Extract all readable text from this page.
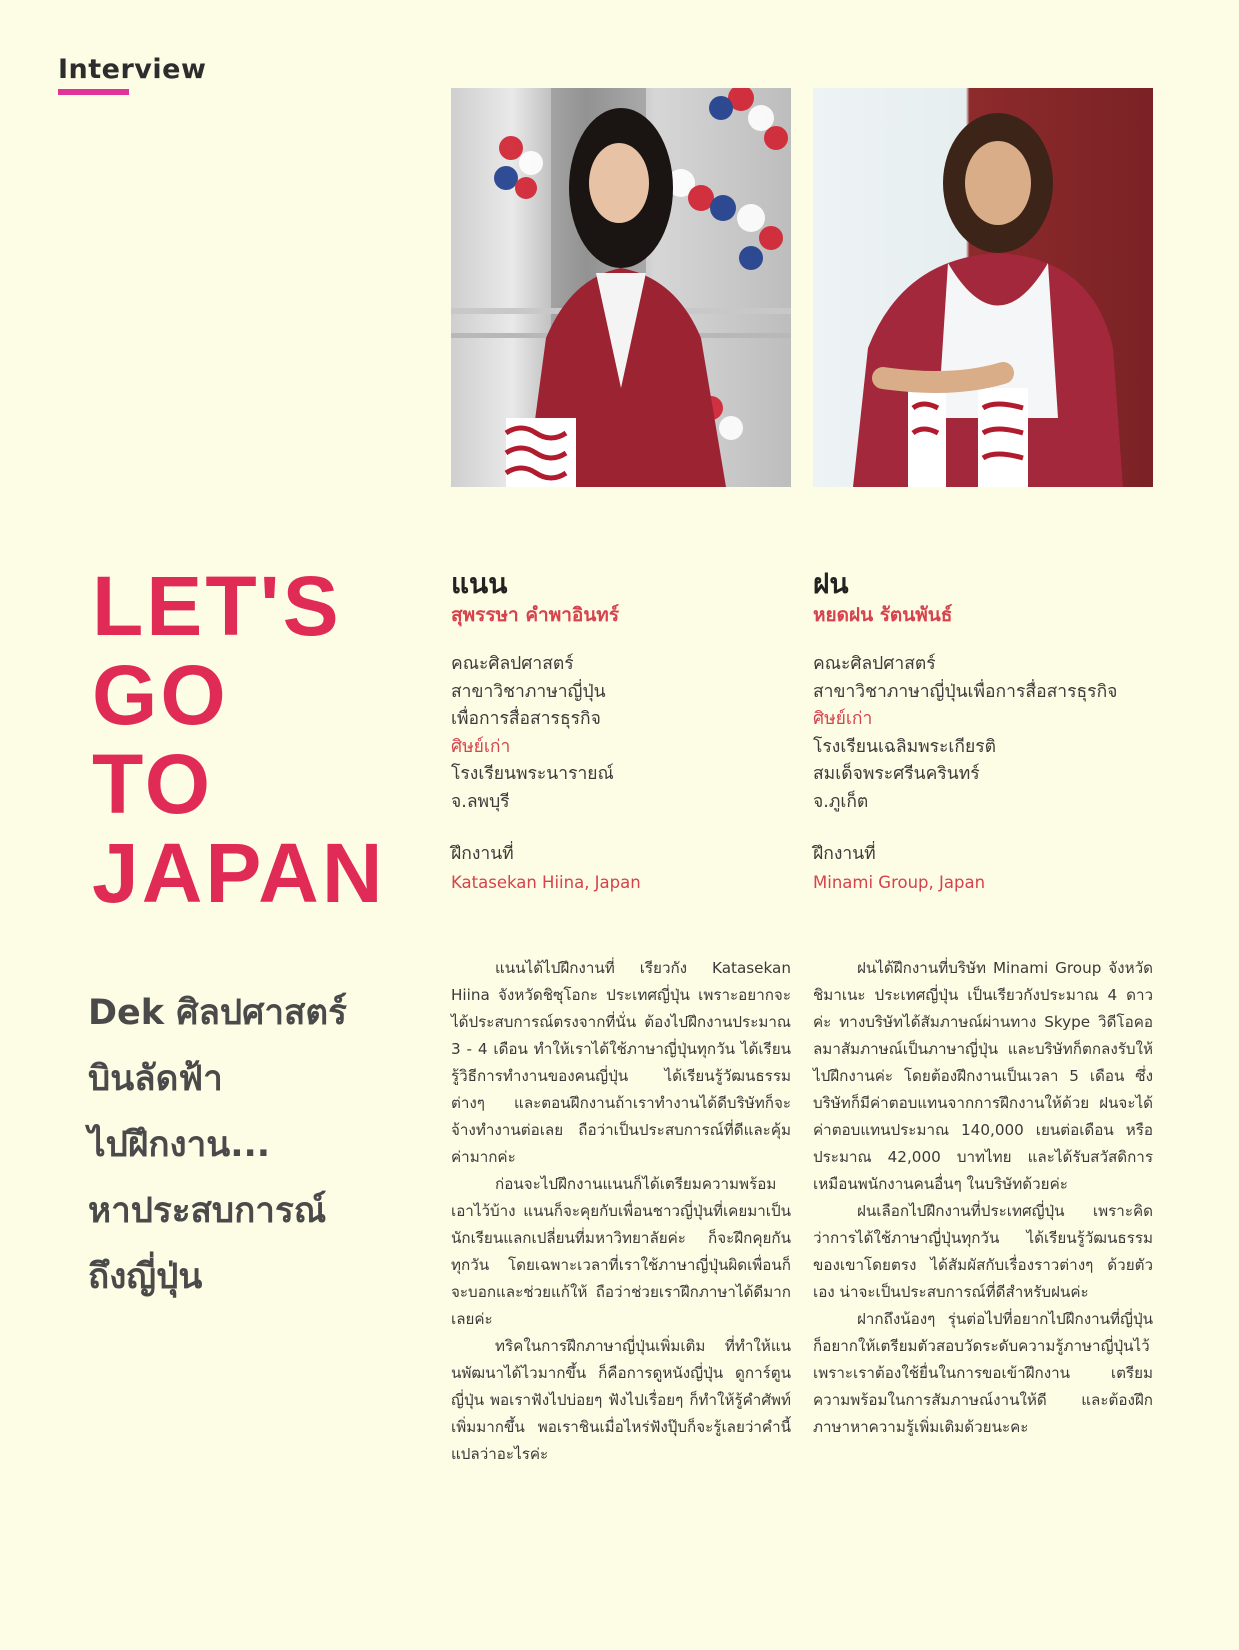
Interview
LET'S
GO
TO
JAPAN
Dek ศิลปศาสตร์
บินลัดฟ้า
ไปฝึกงาน...
หาประสบการณ์
ถึงญี่ปุ่น
แนน
สุพรรษา คำพาอินทร์
คณะศิลปศาสตร์
สาขาวิชาภาษาญี่ปุ่น
เพื่อการสื่อสารธุรกิจ
ศิษย์เก่า
โรงเรียนพระนารายณ์
จ.ลพบุรี
ฝึกงานที่
Katasekan Hiina, Japan
ฝน
หยดฝน รัตนพันธ์
คณะศิลปศาสตร์
สาขาวิชาภาษาญี่ปุ่นเพื่อการสื่อสารธุรกิจ
ศิษย์เก่า
โรงเรียนเฉลิมพระเกียรติ
สมเด็จพระศรีนครินทร์
จ.ภูเก็ต
ฝึกงานที่
Minami Group, Japan

แนนได้ไปฝึกงานที่ เรียวกัง Katasekan Hiina จังหวัดชิซุโอกะ ประเทศญี่ปุ่น เพราะอยากจะได้ประสบการณ์ตรงจากที่นั่น ต้องไปฝึกงานประมาณ 3 - 4 เดือน ทำให้เราได้ใช้ภาษาญี่ปุ่นทุกวัน ได้เรียนรู้วิธีการทำงานของคนญี่ปุ่น ได้เรียนรู้วัฒนธรรมต่างๆ และตอนฝึกงานถ้าเราทำงานได้ดีบริษัทก็จะจ้างทำงานต่อเลย ถือว่าเป็นประสบการณ์ที่ดีและคุ้มค่ามากค่ะ

ก่อนจะไปฝึกงานแนนก็ได้เตรียมความพร้อมเอาไว้บ้าง แนนก็จะคุยกับเพื่อนชาวญี่ปุ่นที่เคยมาเป็นนักเรียนแลกเปลี่ยนที่มหาวิทยาลัยค่ะ ก็จะฝึกคุยกันทุกวัน โดยเฉพาะเวลาที่เราใช้ภาษาญี่ปุ่นผิดเพื่อนก็จะบอกและช่วยแก้ให้ ถือว่าช่วยเราฝึกภาษาได้ดีมากเลยค่ะ

ทริคในการฝึกภาษาญี่ปุ่นเพิ่มเติม ที่ทำให้แนนพัฒนาได้ไวมากขึ้น ก็คือการดูหนังญี่ปุ่น ดูการ์ตูนญี่ปุ่น พอเราฟังไปบ่อยๆ ฟังไปเรื่อยๆ ก็ทำให้รู้คำศัพท์เพิ่มมากขึ้น พอเราชินเมื่อไหร่ฟังปุ๊บก็จะรู้เลยว่าคำนี้แปลว่าอะไรค่ะ

ฝนได้ฝึกงานที่บริษัท Minami Group จังหวัดชิมาเนะ ประเทศญี่ปุ่น เป็นเรียวกังประมาณ 4 ดาวค่ะ ทางบริษัทได้สัมภาษณ์ผ่านทาง Skype วิดีโอคอลมาสัมภาษณ์เป็นภาษาญี่ปุ่น และบริษัทก็ตกลงรับให้ไปฝึกงานค่ะ โดยต้องฝึกงานเป็นเวลา 5 เดือน ซึ่งบริษัทก็มีค่าตอบแทนจากการฝึกงานให้ด้วย ฝนจะได้ค่าตอบแทนประมาณ 140,000 เยนต่อเดือน หรือประมาณ 42,000 บาทไทย และได้รับสวัสดิการเหมือนพนักงานคนอื่นๆ ในบริษัทด้วยค่ะ

ฝนเลือกไปฝึกงานที่ประเทศญี่ปุ่น เพราะคิดว่าการได้ใช้ภาษาญี่ปุ่นทุกวัน ได้เรียนรู้วัฒนธรรมของเขาโดยตรง ได้สัมผัสกับเรื่องราวต่างๆ ด้วยตัวเอง น่าจะเป็นประสบการณ์ที่ดีสำหรับฝนค่ะ

ฝากถึงน้องๆ รุ่นต่อไปที่อยากไปฝึกงานที่ญี่ปุ่น ก็อยากให้เตรียมตัวสอบวัดระดับความรู้ภาษาญี่ปุ่นไว้ เพราะเราต้องใช้ยื่นในการขอเข้าฝึกงาน เตรียมความพร้อมในการสัมภาษณ์งานให้ดี และต้องฝึกภาษาหาความรู้เพิ่มเติมด้วยนะคะ
